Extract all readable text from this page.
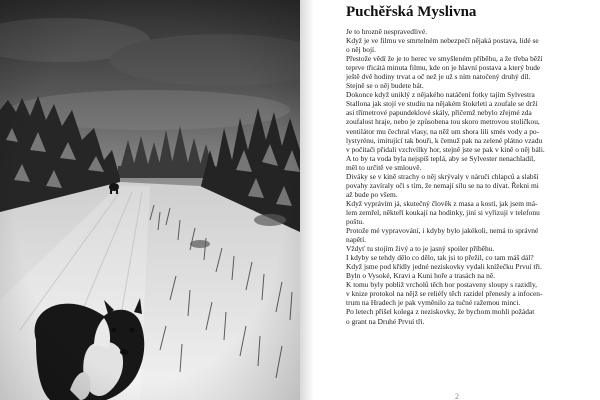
Puchěřská Myslivna
Je to hrozně nespravedlivé.
Když je ve filmu ve smrtelném nebezpečí nějaká postava, lidé se
o něj bojí.
Přestože vědí že je to herec ve smyšleném příběhu, a že třeba běží
teprve třicátá minuta filmu, kde on je hlavní postava a který bude
ještě dvě hodiny trvat a oč než je už s ním natočený druhý díl.
Stejně se o něj budete bát.
Dokonce když uniklý z nějakého natáčení fotky tajím Sylvestra
Stallona jak stojí ve studiu na nějakém štokrleti a zoufale se drží
asi třímetrové papundeklové skály, přičemž nebylo zřejmé zda
zoufalost hraje, nebo je způsobena tou skoro metrovou stoličkou,
ventilátor mu čechral vlasy, na něž um shora lili smés vody a po-
lystyrénu, imitující tak bouři, k čemuž pak na zelené plátno vzadu
v počítači přidali vzchvílky hor, stejně jste se pak v kině o něj báli.
A to by ta voda byla nejspíš teplá, aby se Sylvester nenachladil,
měl to určitě ve smlouvě.
Diváky se v kině strachy o něj skrývaly v náruči chlapců a slabší
povahy zavíraly oči s tím, že nemají sílu se na to dívat. Řekni mi
až bude po všem.
Když vyprávím já, skutečný člověk z masa a kostí, jak jsem má-
lem zemřel, někteří koukají na hodinky, jiní si vyřizují v telefonu
poštu.
Protože mé vypravování, i kdyby bylo jakékoli, nemá to správné
napětí.
Vždyť tu stojím živý a to je jasný spoiler příběhu.
I kdyby se tehdy dělo co dělo, tak jsi to přežil, co tam máš dál?
Když jsme pod křídly jedné neziskovky vydali knížečku Prvuí tři.
Byln o Vysoké, Kravi a Kuni hoře a trasách na ně.
K tomu byly pobliž vrcholů těch hor postaveny sloupy s razidly,
v knize protokol na nějž se reliéfy těch razidel přenesly a infocen-
trum na Hradech je pak vyměnilo za tučné ražemou minci.
Po letech přišel kolega z neziskovky, že bychom mohli požádat
o grant na Druhé Prvuí tři.
2
